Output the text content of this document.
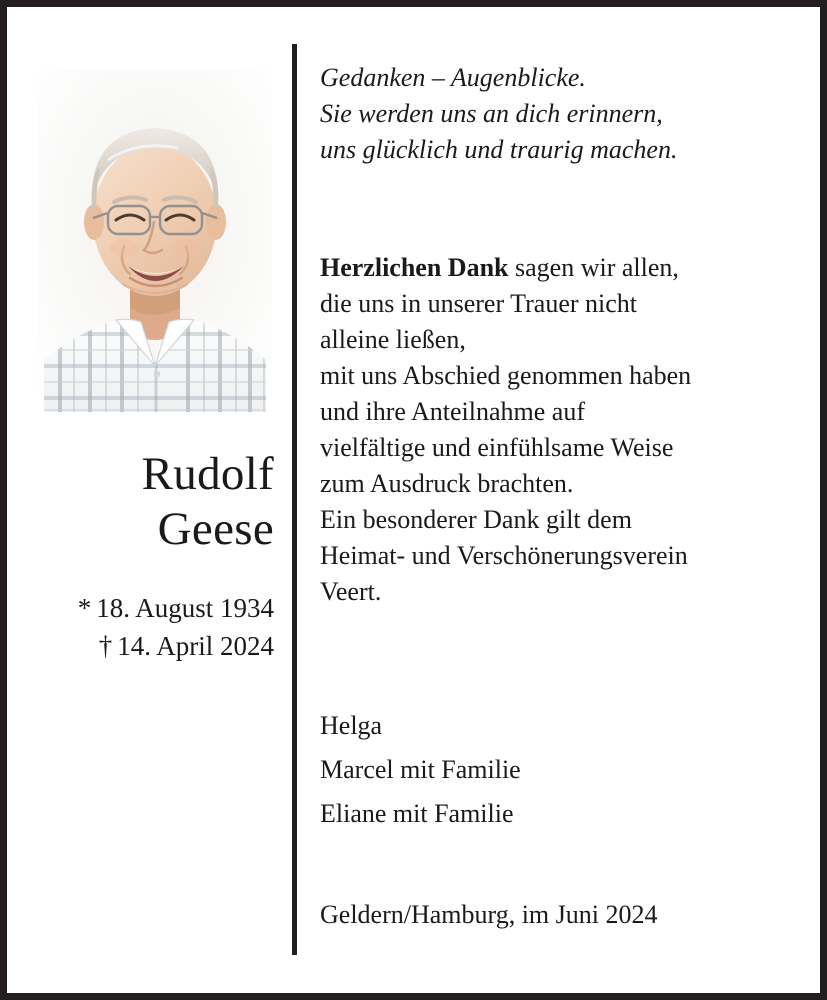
Rudolf
Geese
* 18. August 1934
† 14. April 2024
Gedanken – Augenblicke.
Sie werden uns an dich erinnern,
uns glücklich und traurig machen.
Herzlichen Dank sagen wir allen,
die uns in unserer Trauer nicht
alleine ließen,
mit uns Abschied genommen haben
und ihre Anteilnahme auf
vielfältige und einfühlsame Weise
zum Ausdruck brachten.
Ein besonderer Dank gilt dem
Heimat- und Verschönerungsverein
Veert.
Helga
Marcel mit Familie
Eliane mit Familie
Geldern/Hamburg, im Juni 2024
